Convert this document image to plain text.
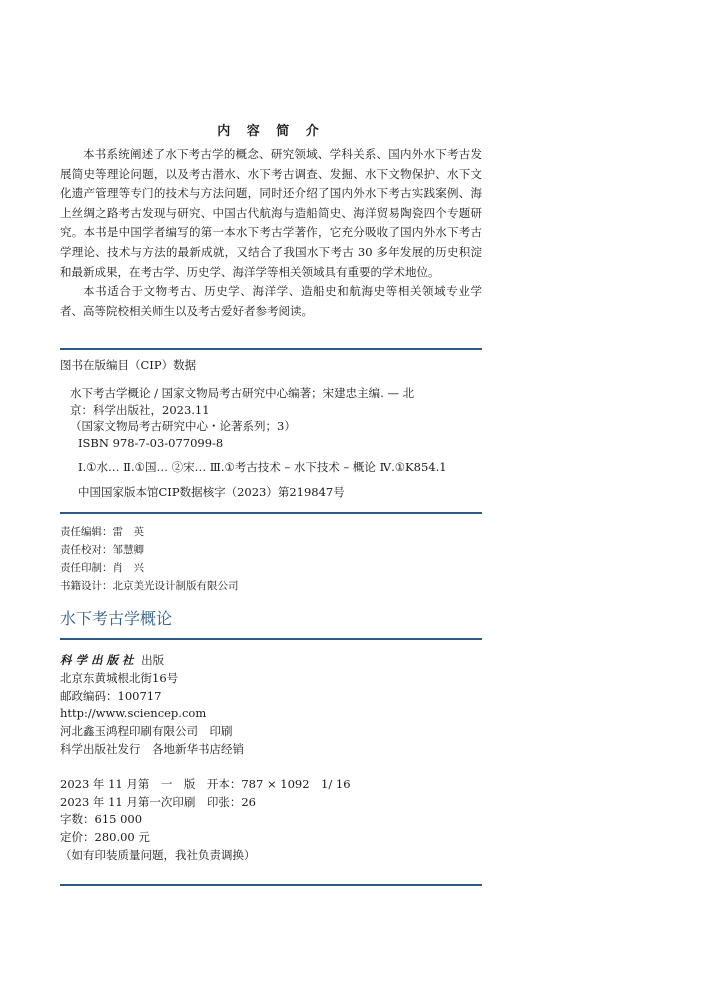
内 容 简 介

本书系统阐述了水下考古学的概念、研究领域、学科关系、国内外水下考古发展简史等理论问题，以及考古潜水、水下考古调查、发掘、水下文物保护、水下文化遗产管理等专门的技术与方法问题，同时还介绍了国内外水下考古实践案例、海上丝绸之路考古发现与研究、中国古代航海与造船简史、海洋贸易陶瓷四个专题研究。本书是中国学者编写的第一本水下考古学著作，它充分吸收了国内外水下考古学理论、技术与方法的最新成就，又结合了我国水下考古 30 多年发展的历史积淀和最新成果，在考古学、历史学、海洋学等相关领域具有重要的学术地位。

本书适合于文物考古、历史学、海洋学、造船史和航海史等相关领域专业学者、高等院校相关师生以及考古爱好者参考阅读。

图书在版编目（CIP）数据
水下考古学概论 / 国家文物局考古研究中心编著；宋建忠主编. — 北
京：科学出版社，2023.11
（国家文物局考古研究中心・论著系列；3）
ISBN 978-7-03-077099-8
Ⅰ.①水… Ⅱ.①国… ②宋… Ⅲ.①考古技术 – 水下技术 – 概论 Ⅳ.①K854.1
中国国家版本馆CIP数据核字（2023）第219847号
责任编辑：雷　英
责任校对：邹慧卿
责任印制：肖　兴
书籍设计：北京美光设计制版有限公司
水下考古学概论
科学出版社 出版
北京东黄城根北街16号
邮政编码：100717
http://www.sciencep.com
河北鑫玉鸿程印刷有限公司　印刷
科学出版社发行　各地新华书店经销
2023 年 11 月第　一　版　开本：787 × 1092　1/ 16
2023 年 11 月第一次印刷　印张：26
字数：615 000
定价：280.00 元
（如有印装质量问题，我社负责调换）
